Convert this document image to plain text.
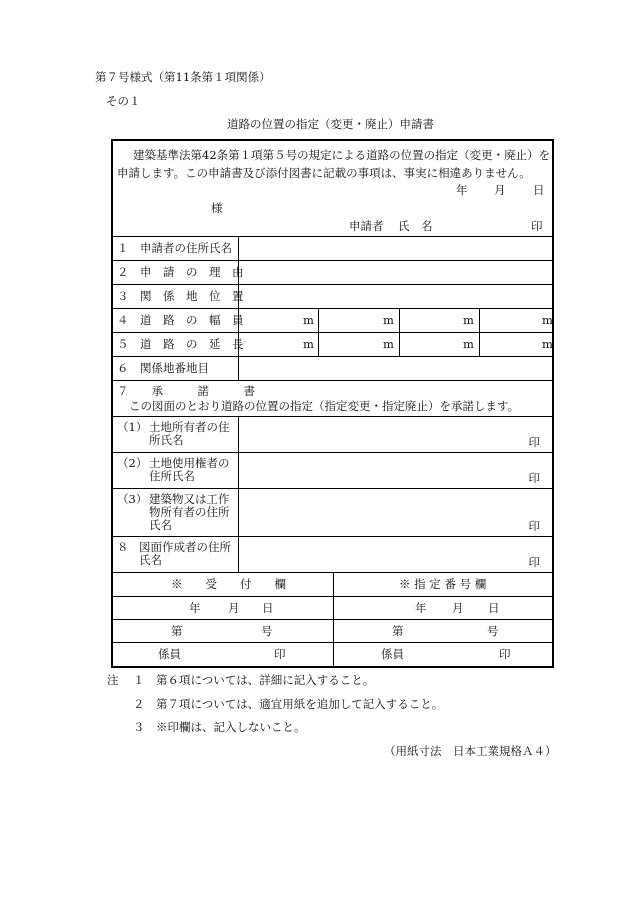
第７号様式（第11条第１項関係）
その１
道路の位置の指定（変更・廃止）申請書
建築基準法第42条第１項第５号の規定による道路の位置の指定（変更・廃止）を
申請します。この申請書及び添付図書に記載の事項は、事実に相違ありません。
年 月 日
様
申請者 氏　名	印
１　申請者の住所氏名
２　申　請　の　理　由
３　関　係　地　位　置
４　道　路　の　幅　員	m	m	m	m
５　道　路　の　延　長	m	m	m	m
６　関係地番地目
７　　承　　　諾　　　書
この図面のとおり道路の位置の指定（指定変更・指定廃止）を承諾します。
（1） 土地所有者の住所氏名	印
（2） 土地使用権者の住所氏名	印
（3） 建築物又は工作物所有者の住所氏名	印
８ 図面作成者の住所氏名	印
※　　受　　付　　欄	※ 指 定 番 号 欄
年 月 日	年 月 日
第	号	第	号
係員	印	係員	印
注 １ 第６項については、詳細に記入すること。
２ 第７項については、適宜用紙を追加して記入すること。
３ ※印欄は、記入しないこと。
（用紙寸法　日本工業規格Ａ４）
